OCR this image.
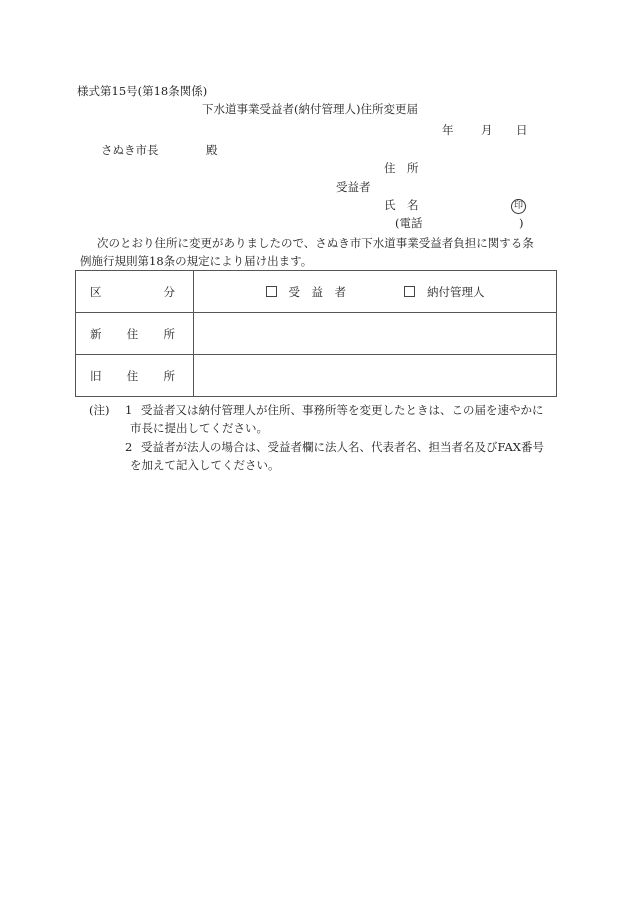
様式第15号(第18条関係)
下水道事業受益者(納付管理人)住所変更届
年 月 日
さぬき市長	殿
住　所
受益者
氏　名	印
(電話	)
次のとおり住所に変更がありましたので、さぬき市下水道事業受益者負担に関する条
例施行規則第18条の規定により届け出ます。
区 分	受　益　者 納付管理人

新 住 所	

旧 住 所	

(注) 1 受益者又は納付管理人が住所、事務所等を変更したときは、この届を速やかに
市長に提出してください。
2 受益者が法人の場合は、受益者欄に法人名、代表者名、担当者名及びFAX番号
を加えて記入してください。
